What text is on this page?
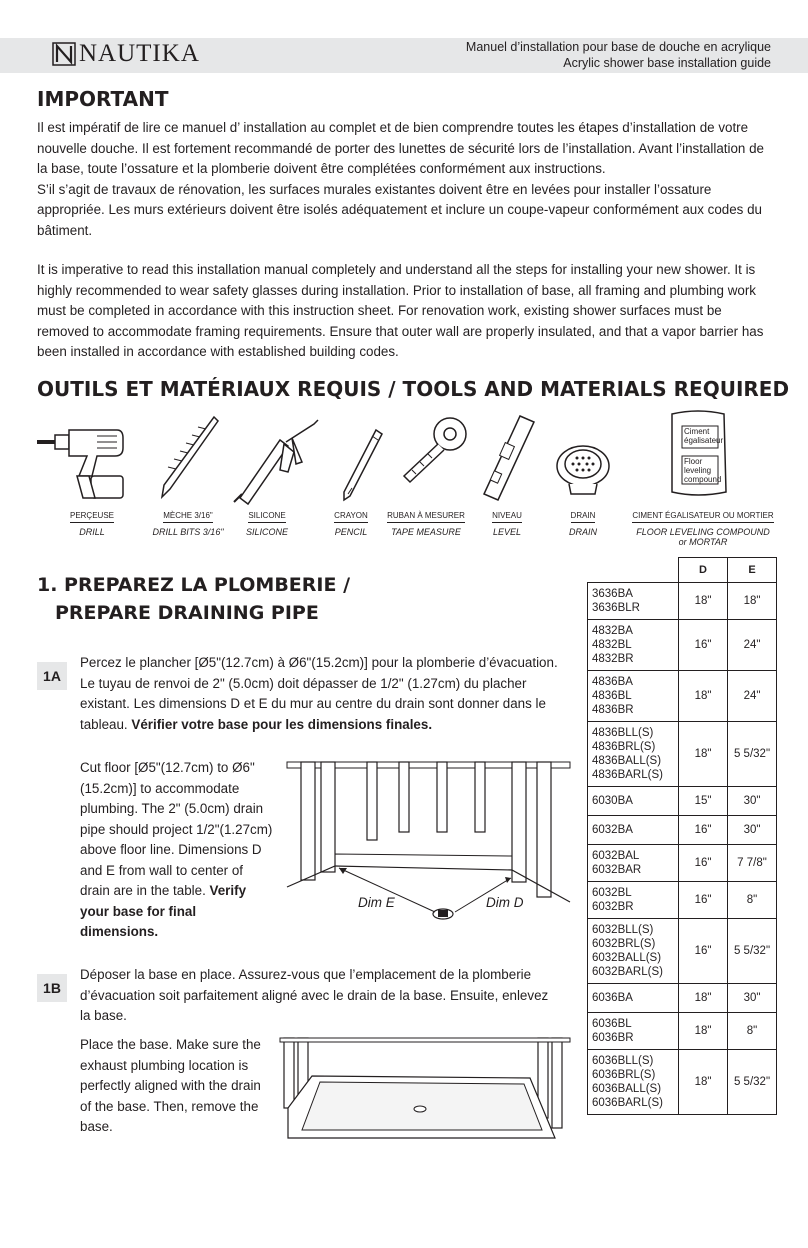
NAUTIKA	Manuel d’installation pour base de douche en acrylique
Acrylic shower base installation guide
IMPORTANT

Il est impératif de lire ce manuel d’ installation au complet et de bien comprendre toutes les étapes d’installation de votre nouvelle douche. Il est fortement recommandé de porter des lunettes de sécurité lors de l’installation. Avant l’installation de la base, toute l’ossature et la plomberie doivent être complétées conformément aux instructions.
S’il s’agit de travaux de rénovation, les surfaces murales existantes doivent être en levées pour installer l’ossature appropriée. Les murs extérieurs doivent être isolés adéquatement et inclure un coupe-vapeur conformément aux codes du bâtiment.

It is imperative to read this installation manual completely and understand all the steps for installing your new shower. It is highly recommended to wear safety glasses during installation. Prior to installation of base, all framing and plumbing work must be completed in accordance with this instruction sheet. For renovation work, existing shower surfaces must be removed to accommodate framing requirements. Ensure that outer wall are properly insulated, and that a vapor barrier has been installed in accordance with established building codes.

OUTILS ET MATÉRIAUX REQUIS / TOOLS AND MATERIALS REQUIRED
Ciment égalisateur
Floor leveling compound
PERÇEUSE
DRILL
MÈCHE 3/16"
DRILL BITS 3/16"
SILICONE
SILICONE
CRAYON
PENCIL
RUBAN À MESURER
TAPE MEASURE
NIVEAU
LEVEL
DRAIN
DRAIN
CIMENT ÉGALISATEUR OU MORTIER
FLOOR LEVELING COMPOUND
or MORTAR
1. PREPAREZ LA PLOMBERIE /
PREPARE DRAINING PIPE
1A

Percez le plancher [Ø5"(12.7cm) à Ø6"(15.2cm)] pour la plomberie d’évacuation. Le tuyau de renvoi de 2" (5.0cm) doit dépasser de 1/2" (1.27cm) du placher existant. Les dimensions D et E du mur au centre du drain sont donner dans le tableau. Vérifier votre base pour les dimensions finales.

Cut floor [Ø5"(12.7cm) to Ø6"(15.2cm)] to accommodate plumbing. The 2" (5.0cm) drain pipe should project 1/2"(1.27cm) above floor line. Dimensions D and E from wall to center of drain are in the table. Verify your base for final dimensions.

Dim E	Dim D
1B

Déposer la base en place. Assurez-vous que l’emplacement de la plomberie d’évacuation soit parfaitement aligné avec le drain de la base. Ensuite, enlevez la base.

Place the base. Make sure the exhaust plumbing location is perfectly aligned with the drain of the base. Then, remove the base.

	D	E

3636BA
3636BLR	18"	18"

4832BA
4832BL
4832BR	16"	24"

4836BA
4836BL
4836BR	18"	24"

4836BLL(S)
4836BRL(S)
4836BALL(S)
4836BARL(S)	18"	5 5/32"

6030BA	15"	30"

6032BA	16"	30"

6032BAL
6032BAR	16"	7 7/8"

6032BL
6032BR	16"	8"

6032BLL(S)
6032BRL(S)
6032BALL(S)
6032BARL(S)	16"	5 5/32"

6036BA	18"	30"

6036BL
6036BR	18"	8"

6036BLL(S)
6036BRL(S)
6036BALL(S)
6036BARL(S)	18"	5 5/32"
